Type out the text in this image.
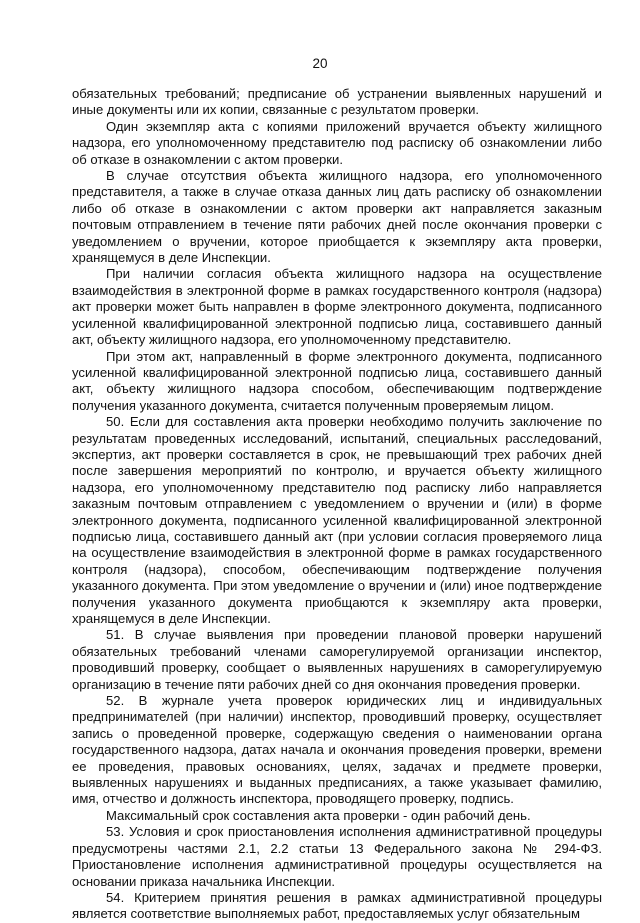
20

обязательных требований; предписание об устранении выявленных нарушений и иные документы или их копии, связанные с результатом проверки.

Один экземпляр акта с копиями приложений вручается объекту жилищного надзора, его уполномоченному представителю под расписку об ознакомлении либо об отказе в ознакомлении с актом проверки.

В случае отсутствия объекта жилищного надзора, его уполномоченного представителя, а также в случае отказа данных лиц дать расписку об ознакомлении либо об отказе в ознакомлении с актом проверки акт направляется заказным почтовым отправлением в течение пяти рабочих дней после окончания проверки с уведомлением о вручении, которое приобщается к экземпляру акта проверки, хранящемуся в деле Инспекции.

При наличии согласия объекта жилищного надзора на осуществление взаимодействия в электронной форме в рамках государственного контроля (надзора) акт проверки может быть направлен в форме электронного документа, подписанного усиленной квалифицированной электронной подписью лица, составившего данный акт, объекту жилищного надзора, его уполномоченному представителю.

При этом акт, направленный в форме электронного документа, подписанного усиленной квалифицированной электронной подписью лица, составившего данный акт, объекту жилищного надзора способом, обеспечивающим подтверждение получения указанного документа, считается полученным проверяемым лицом.

50. Если для составления акта проверки необходимо получить заключение по результатам проведенных исследований, испытаний, специальных расследований, экспертиз, акт проверки составляется в срок, не превышающий трех рабочих дней после завершения мероприятий по контролю, и вручается объекту жилищного надзора, его уполномоченному представителю под расписку либо направляется заказным почтовым отправлением с уведомлением о вручении и (или) в форме электронного документа, подписанного усиленной квалифицированной электронной подписью лица, составившего данный акт (при условии согласия проверяемого лица на осуществление взаимодействия в электронной форме в рамках государственного контроля (надзора), способом, обеспечивающим подтверждение получения указанного документа. При этом уведомление о вручении и (или) иное подтверждение получения указанного документа приобщаются к экземпляру акта проверки, хранящемуся в деле Инспекции.

51. В случае выявления при проведении плановой проверки нарушений обязательных требований членами саморегулируемой организации инспектор, проводивший проверку, сообщает о выявленных нарушениях в саморегулируемую организацию в течение пяти рабочих дней со дня окончания проведения проверки.

52. В журнале учета проверок юридических лиц и индивидуальных предпринимателей (при наличии) инспектор, проводивший проверку, осуществляет запись о проведенной проверке, содержащую сведения о наименовании органа государственного надзора, датах начала и окончания проведения проверки, времени ее проведения, правовых основаниях, целях, задачах и предмете проверки, выявленных нарушениях и выданных предписаниях, а также указывает фамилию, имя, отчество и должность инспектора, проводящего проверку, подпись.

Максимальный срок составления акта проверки - один рабочий день.

53. Условия и срок приостановления исполнения административной процедуры предусмотрены частями 2.1, 2.2 статьи 13 Федерального закона № 294-ФЗ. Приостановление исполнения административной процедуры осуществляется на основании приказа начальника Инспекции.

54. Критерием принятия решения в рамках административной процедуры является соответствие выполняемых работ, предоставляемых услуг обязательным
